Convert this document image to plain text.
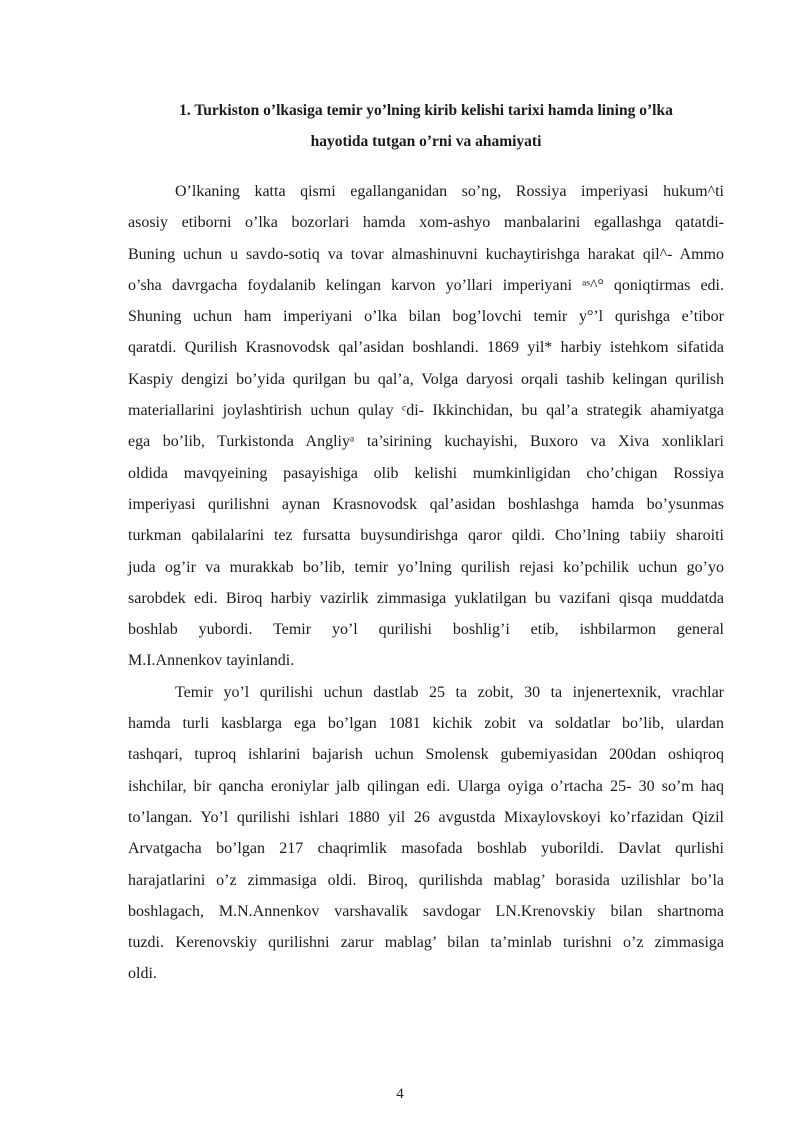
1. Turkiston o’lkasiga temir yo’lning kirib kelishi tarixi hamda lining o’lka
hayotida tutgan o’rni va ahamiyati
O’lkaning katta qismi egallanganidan so’ng, Rossiya imperiyasi hukum^ti
asosiy etiborni o’lka bozorlari hamda xom-ashyo manbalarini egallashga qatatdi-
Buning uchun u savdo-sotiq va tovar almashinuvni kuchaytirishga harakat qil^- Ammo
o’sha davrgacha foydalanib kelingan karvon yo’llari imperiyani ᵃˢ^° qoniqtirmas edi.
Shuning uchun ham imperiyani o’lka bilan bog’lovchi temir y°’l qurishga e’tibor
qaratdi. Qurilish Krasnovodsk qal’asidan boshlandi. 1869 yil* harbiy istehkom sifatida
Kaspiy dengizi bo’yida qurilgan bu qal’a, Volga daryosi orqali tashib kelingan qurilish
materiallarini joylashtirish uchun qulay ᶜdi- Ikkinchidan, bu qal’a strategik ahamiyatga
ega bo’lib, Turkistonda Angliyᵃ ta’sirining kuchayishi, Buxoro va Xiva xonliklari
oldida mavqyeining pasayishiga olib kelishi mumkinligidan cho’chigan Rossiya
imperiyasi qurilishni aynan Krasnovodsk qal’asidan boshlashga hamda bo’ysunmas
turkman qabilalarini tez fursatta buysundirishga qaror qildi. Cho’lning tabiiy sharoiti
juda og’ir va murakkab bo’lib, temir yo’lning qurilish rejasi ko’pchilik uchun go’yo
sarobdek edi. Biroq harbiy vazirlik zimmasiga yuklatilgan bu vazifani qisqa muddatda
boshlab yubordi. Temir yo’l qurilishi boshlig’i etib, ishbilarmon general
M.I.Annenkov tayinlandi.
Temir yo’l qurilishi uchun dastlab 25 ta zobit, 30 ta injenertexnik, vrachlar
hamda turli kasblarga ega bo’lgan 1081 kichik zobit va soldatlar bo’lib, ulardan
tashqari, tuproq ishlarini bajarish uchun Smolensk gubemiyasidan 200dan oshiqroq
ishchilar, bir qancha eroniylar jalb qilingan edi. Ularga oyiga o’rtacha 25- 30 so’m haq
to’langan. Yo’l qurilishi ishlari 1880 yil 26 avgustda Mixaylovskoyi ko’rfazidan Qizil
Arvatgacha bo’lgan 217 chaqrimlik masofada boshlab yuborildi. Davlat qurlishi
harajatlarini o’z zimmasiga oldi. Biroq, qurilishda mablag’ borasida uzilishlar bo’la
boshlagach, M.N.Annenkov varshavalik savdogar LN.Krenovskiy bilan shartnoma
tuzdi. Kerenovskiy qurilishni zarur mablag’ bilan ta’minlab turishni o’z zimmasiga
oldi.
4
